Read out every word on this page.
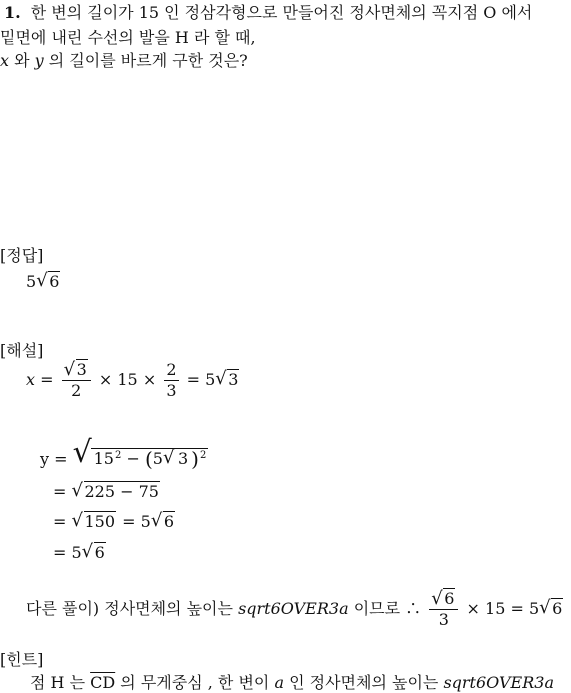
1. 한 변의 길이가 15 인 정삼각형으로 만들어진 정사면체의 꼭지점 O 에서
밑면에 내린 수선의 발을 H 라 할 때,
x 와 y 의 길이를 바르게 구한 것은?
[정답]
5 √ 6
[해설]
x = √ $\frac{3}{2} \times 15 \times \frac{2}{3} = 5$ √ 3
y = √ $15^2 - (5$ √ 3 )$^2$
= √ 225 − 75
= √ 150 = 5 √ 6
= 5 √ 6
다른 풀이) 정사면체의 높이는 sqrt6OVER3a 이므로 ∴ √ $\frac{6}{3} \times 15 = 5$ √ 6
[힌트]
점 H 는 $\overline{CD}$ 의 무게중심 , 한 변이 a 인 정사면체의 높이는 sqrt6OVER3a
